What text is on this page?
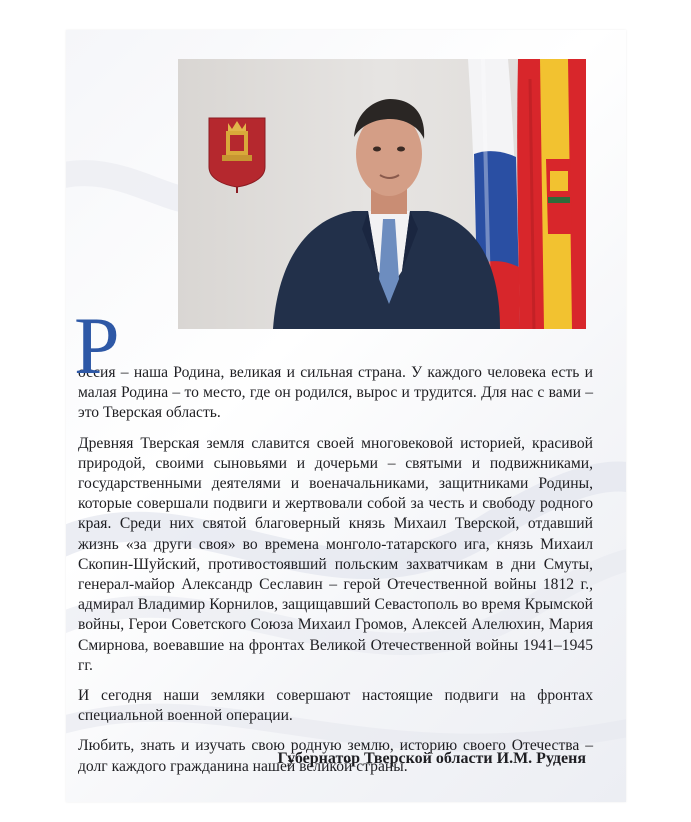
Р
оссия – наша Родина, великая и сильная страна. У каждого человека есть и малая Родина – то место, где он родился, вырос и трудится. Для нас с вами – это Тверская область.

Древняя Тверская земля славится своей многовековой историей, красивой природой, своими сыновьями и дочерьми – святыми и подвижниками, государственными деятелями и военачальниками, защитниками Родины, которые совершали подвиги и жертвовали собой за честь и свободу родного края. Среди них святой благоверный князь Михаил Тверской, отдавший жизнь «за други своя» во времена монголо-татарского ига, князь Михаил Скопин-Шуйский, противостоявший польским захватчикам в дни Смуты, генерал-майор Александр Сеславин – герой Отечественной войны 1812 г., адмирал Владимир Корнилов, защищавший Севастополь во время Крымской войны, Герои Советского Союза Михаил Громов, Алексей Алелюхин, Мария Смирнова, воевавшие на фронтах Великой Отечественной войны 1941–1945 гг.

И сегодня наши земляки совершают настоящие подвиги на фронтах специальной военной операции.

Любить, знать и изучать свою родную землю, историю своего Отечества – долг каждого гражданина нашей великой страны.

Губернатор Тверской области И.М. Руденя
